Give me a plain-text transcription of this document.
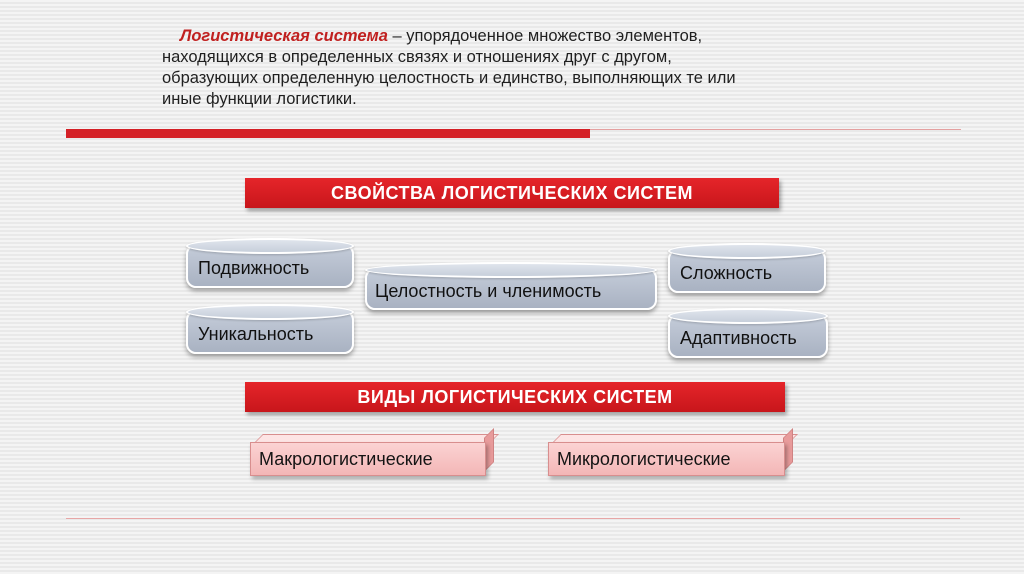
Логистическая система – упорядоченное множество элементов,
находящихся в определенных связях и отношениях друг с другом,
образующих определенную целостность и единство, выполняющих те или
иные функции логистики.
СВОЙСТВА ЛОГИСТИЧЕСКИХ СИСТЕМ
Подвижность
Уникальность
Целостность и членимость
Сложность
Адаптивность
ВИДЫ ЛОГИСТИЧЕСКИХ СИСТЕМ
Макрологистические	Микрологистические
